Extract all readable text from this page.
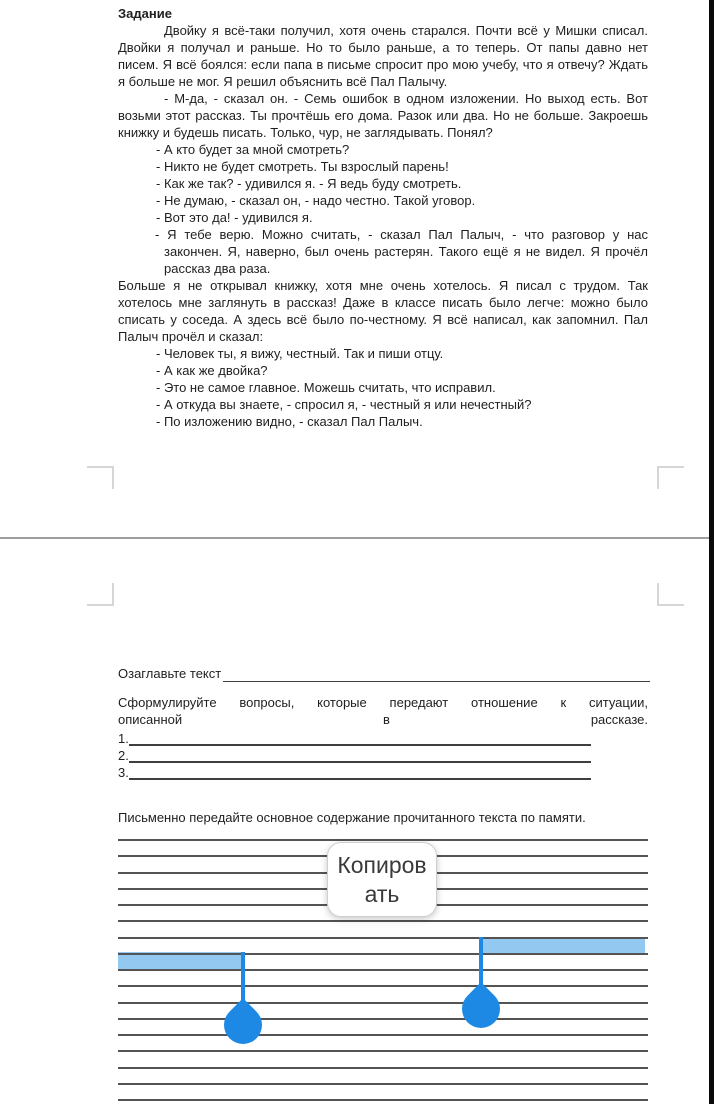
Задание

Двойку я всё-таки получил, хотя очень старался. Почти всё у Мишки списал. Двойки я получал и раньше. Но то было раньше, а то теперь. От папы давно нет писем. Я всё боялся: если папа в письме спросит про мою учебу, что я отвечу? Ждать я больше не мог. Я решил объяснить всё Пал Палычу.

- М-да, - сказал он. - Семь ошибок в одном изложении. Но выход есть. Вот возьми этот рассказ. Ты прочтёшь его дома. Разок или два. Но не больше. Закроешь книжку и будешь писать. Только, чур, не заглядывать. Понял?

- А кто будет за мной смотреть?

- Никто не будет смотреть. Ты взрослый парень!

- Как же так? - удивился я. - Я ведь буду смотреть.

- Не думаю, - сказал он, - надо честно. Такой уговор.

- Вот это да! - удивился я.

- Я тебе верю. Можно считать, - сказал Пал Палыч, - что разговор у нас закончен. Я, наверно, был очень растерян. Такого ещё я не видел. Я прочёл рассказ два раза.

Больше я не открывал книжку, хотя мне очень хотелось. Я писал с трудом. Так хотелось мне заглянуть в рассказ! Даже в классе писать было легче: можно было списать у соседа. А здесь всё было по-честному. Я всё написал, как запомнил. Пал Палыч прочёл и сказал:

- Человек ты, я вижу, честный. Так и пиши отцу.

- А как же двойка?

- Это не самое главное. Можешь считать, что исправил.

- А откуда вы знаете, - спросил я, - честный я или нечестный?

- По изложению видно, - сказал Пал Палыч.

Озаглавьте текст
Сформулируйте вопросы, которые передают отношение к ситуации,
описанной	в	рассказе.
1.
2.
3.
Письменно передайте основное содержание прочитанного текста по памяти.
Копировать
